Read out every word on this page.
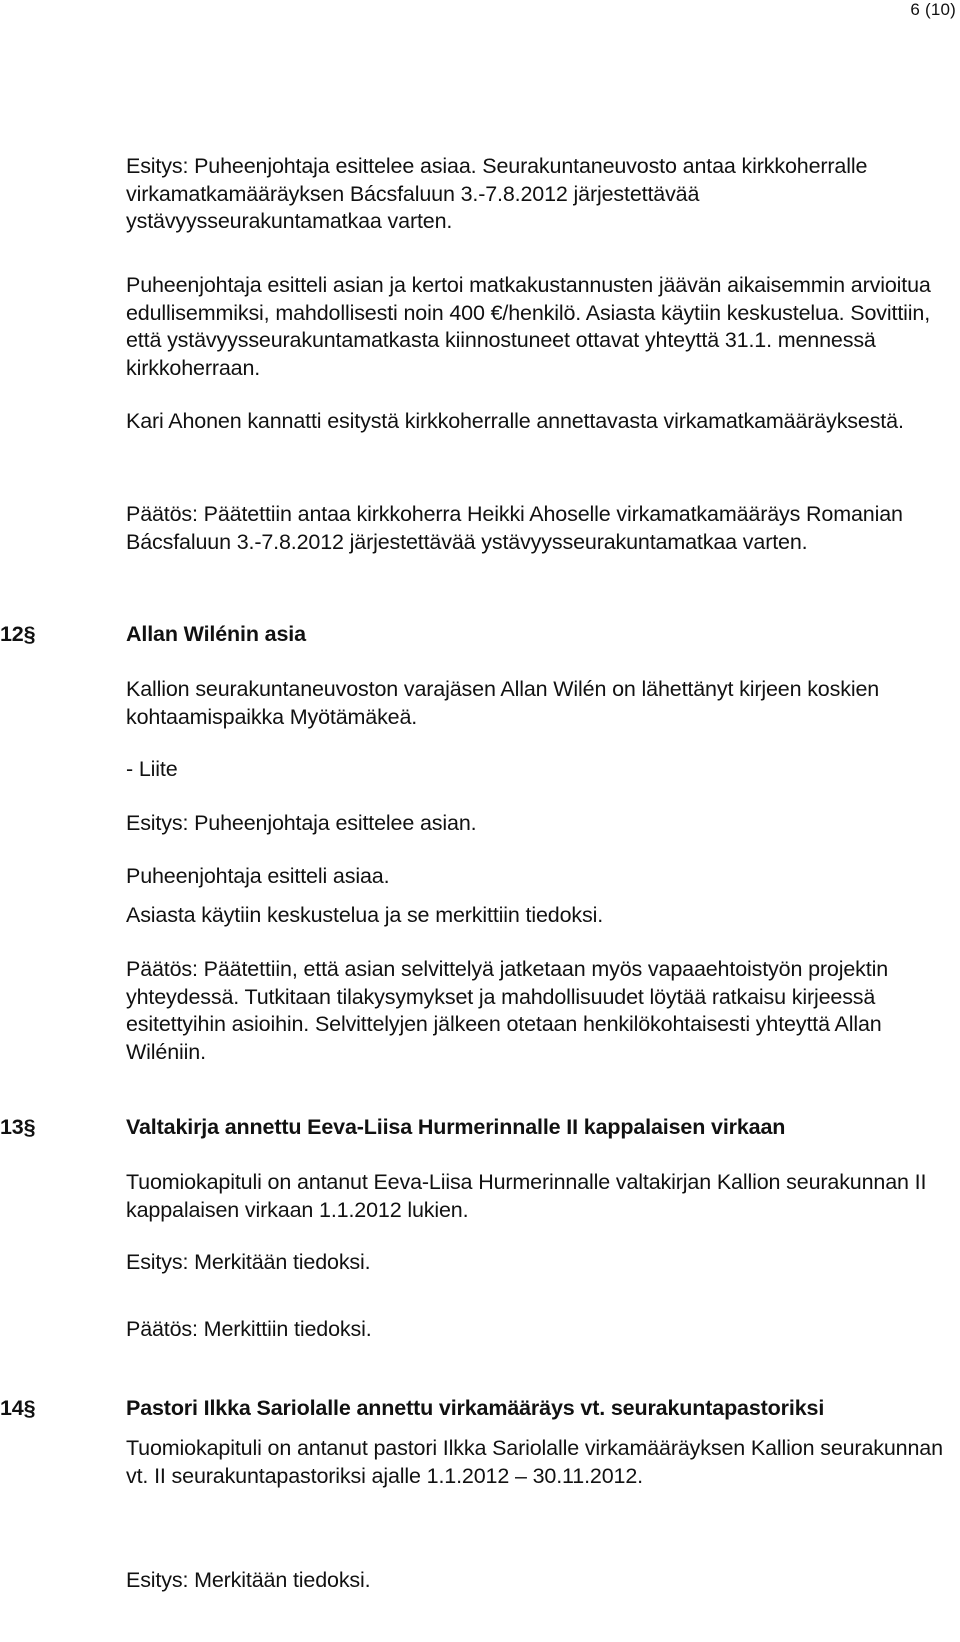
6 (10)

Esitys: Puheenjohtaja esittelee asiaa. Seurakuntaneuvosto antaa kirkkoherralle virkamatkamääräyksen Bácsfaluun 3.-7.8.2012 järjestettävää ystävyysseurakuntamatkaa varten.

Puheenjohtaja esitteli asian ja kertoi matkakustannusten jäävän aikaisemmin arvioitua edullisemmiksi, mahdollisesti noin 400 €/henkilö. Asiasta käytiin keskustelua. Sovittiin, että ystävyysseurakuntamatkasta kiinnostuneet ottavat yhteyttä 31.1. mennessä kirkkoherraan.

Kari Ahonen kannatti esitystä kirkkoherralle annettavasta virkamatkamääräyksestä.

Päätös: Päätettiin antaa kirkkoherra Heikki Ahoselle virkamatkamääräys Romanian Bácsfaluun 3.-7.8.2012 järjestettävää ystävyysseurakuntamatkaa varten.

12§	Allan Wilénin asia

Kallion seurakuntaneuvoston varajäsen Allan Wilén on lähettänyt kirjeen koskien kohtaamispaikka Myötämäkeä.

- Liite

Esitys: Puheenjohtaja esittelee asian.

Puheenjohtaja esitteli asiaa.

Asiasta käytiin keskustelua ja se merkittiin tiedoksi.

Päätös: Päätettiin, että asian selvittelyä jatketaan myös vapaaehtoistyön projektin yhteydessä. Tutkitaan tilakysymykset ja mahdollisuudet löytää ratkaisu kirjeessä esitettyihin asioihin. Selvittelyjen jälkeen otetaan henkilökohtaisesti yhteyttä Allan Wiléniin.

13§	Valtakirja annettu Eeva-Liisa Hurmerinnalle II kappalaisen virkaan

Tuomiokapituli on antanut Eeva-Liisa Hurmerinnalle valtakirjan Kallion seurakunnan II kappalaisen virkaan 1.1.2012 lukien.

Esitys: Merkitään tiedoksi.

Päätös: Merkittiin tiedoksi.

14§	Pastori Ilkka Sariolalle annettu virkamääräys vt. seurakuntapastoriksi

Tuomiokapituli on antanut pastori Ilkka Sariolalle virkamääräyksen Kallion seurakunnan vt. II seurakuntapastoriksi ajalle 1.1.2012 – 30.11.2012.

Esitys: Merkitään tiedoksi.
